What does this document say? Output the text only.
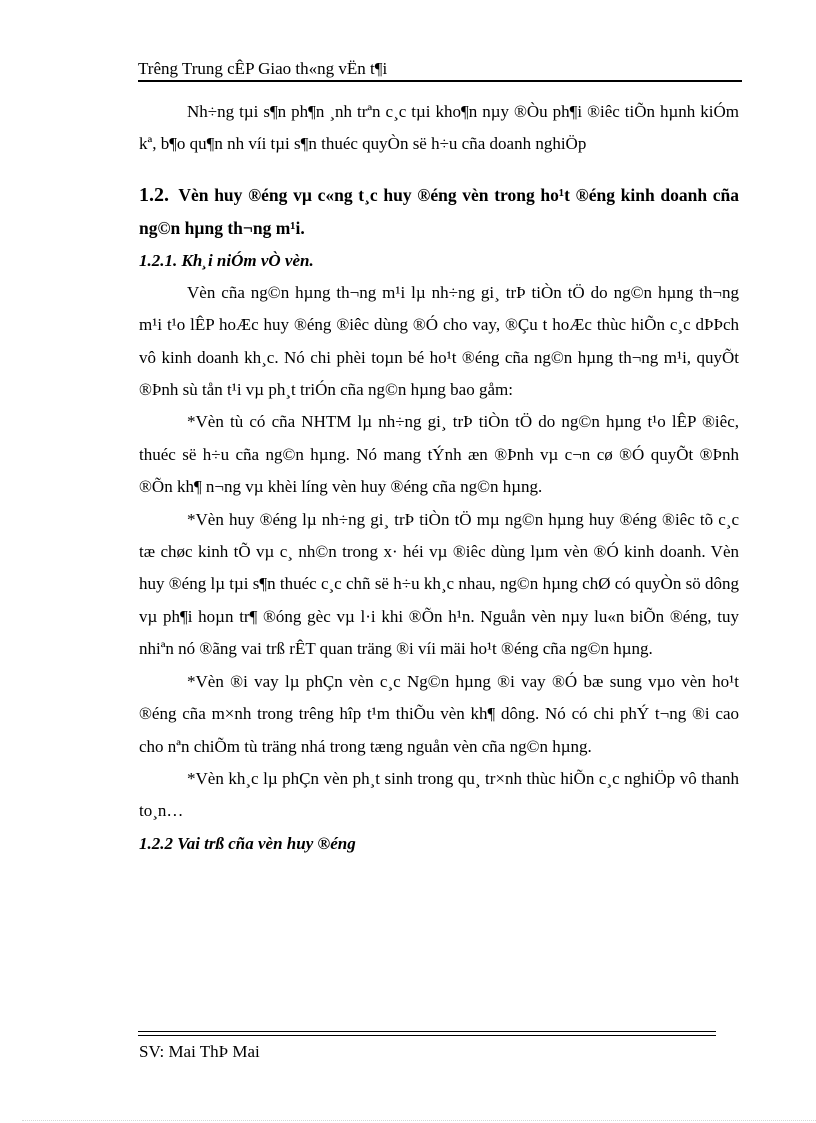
Trêng Trung cÊP Giao th«ng vËn t¶i

Nh÷ng tµi s¶n ph¶n ¸nh trªn c¸c tµi kho¶n nµy ®Òu ph¶i ®iêc tiÕn hµnh kiÓm kª, b¶o qu¶n nh víi tµi s¶n thuéc quyÒn së h÷u cña doanh nghiÖp

1.2. Vèn huy ®éng vµ c«ng t¸c huy ®éng vèn trong ho¹t ®éng kinh doanh cña ng©n hµng th¬ng m¹i.
1.2.1. Kh¸i niÓm vÒ vèn.

Vèn cña ng©n hµng th¬ng m¹i lµ nh÷ng gi¸ trÞ tiÒn tÖ do ng©n hµng th¬ng m¹i t¹o lÊP hoÆc huy ®éng ®iêc dùng ®Ó cho vay, ®Çu t hoÆc thùc hiÕn c¸c dÞÞch vô kinh doanh kh¸c. Nó chi phèi toµn bé ho¹t ®éng cña ng©n hµng th¬ng m¹i, quyÕt ®Þnh sù tån t¹i vµ ph¸t triÓn cña ng©n hµng bao gåm:

*Vèn tù có cña NHTM lµ nh÷ng gi¸ trÞ tiÒn tÖ do ng©n hµng t¹o lÊP ®iêc, thuéc së h÷u cña ng©n hµng. Nó mang tÝnh æn ®Þnh vµ c¬n cø ®Ó quyÕt ®Þnh ®Õn kh¶ n¬ng vµ khèi líng vèn huy ®éng cña ng©n hµng.

*Vèn huy ®éng lµ nh÷ng gi¸ trÞ tiÒn tÖ mµ ng©n hµng huy ®éng ®iêc tõ c¸c tæ chøc kinh tÕ vµ c¸ nh©n trong x· héi vµ ®iêc dùng lµm vèn ®Ó kinh doanh. Vèn huy ®éng lµ tµi s¶n thuéc c¸c chñ së h÷u kh¸c nhau, ng©n hµng chØ có quyÒn sö dông vµ ph¶i hoµn tr¶ ®óng gèc vµ l·i khi ®Õn h¹n. Nguån vèn nµy lu«n biÕn ®éng, tuy nhiªn nó ®ãng vai trß rÊT quan träng ®i víi mäi ho¹t ®éng cña ng©n hµng.

*Vèn ®i vay lµ phÇn vèn c¸c Ng©n hµng ®i vay ®Ó bæ sung vµo vèn ho¹t ®éng cña m×nh trong trêng hîp t¹m thiÕu vèn kh¶ dông. Nó có chi phÝ t¬ng ®i cao cho nªn chiÕm tù träng nhá trong tæng nguån vèn cña ng©n hµng.

*Vèn kh¸c lµ phÇn vèn ph¸t sinh trong qu¸ tr×nh thùc hiÕn c¸c nghiÖp vô thanh to¸n…

1.2.2 Vai trß cña vèn huy ®éng
SV: Mai ThÞ Mai
